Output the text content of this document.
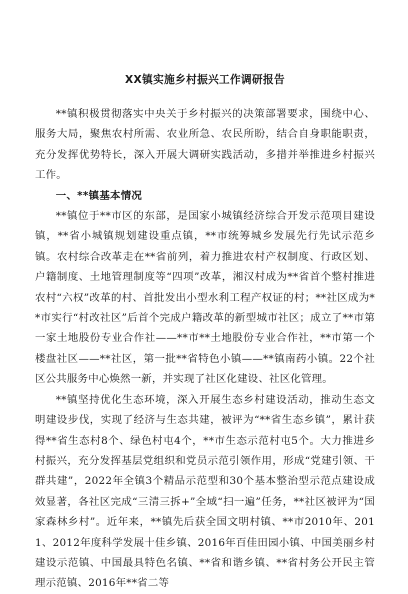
XX镇实施乡村振兴工作调研报告

**镇积极贯彻落实中央关于乡村振兴的决策部署要求，围绕中心、服务大局，聚焦农村所需、农业所急、农民所盼，结合自身职能职责，充分发挥优势特长，深入开展大调研实践活动，多措并举推进乡村振兴工作。

一、**镇基本情况

**镇位于**市区的东部，是国家小城镇经济综合开发示范项目建设镇，**省小城镇规划建设重点镇，**市统筹城乡发展先行先试示范乡镇。农村综合改革走在**省前列，着力推进农村产权制度、行政区划、户籍制度、土地管理制度等“四项”改革，湘汉村成为**省首个整村推进农村“六权”改革的村、首批发出小型水利工程产权证的村；**社区成为**市实行“村改社区”后首个完成户籍改革的新型城市社区；成立了**市第一家土地股份专业合作社——**市**土地股份专业合作社，**市第一个楼盘社区——**社区，第一批**省特色小镇——**镇南药小镇。22个社区公共服务中心焕然一新，并实现了社区化建设、社区化管理。

**镇坚持优化生态环境，深入开展生态乡村建设活动，推动生态文明建设步伐，实现了经济与生态共建，被评为“**省生态乡镇”，累计获得**省生态村8个、绿色村屯4个，**市生态示范村屯5个。大力推进乡村振兴，充分发挥基层党组织和党员示范引领作用，形成“党建引领、干群共建”，2022年全镇3个精品示范型和30个基本整治型示范点建设成效显著，各社区完成“三清三拆+”全域“扫一遍”任务，**社区被评为“国家森林乡村”。近年来，**镇先后获全国文明村镇、**市2010年、2011、2012年度科学发展十佳乡镇、2016年百佳田园小镇、中国美丽乡村建设示范镇、中国最具特色名镇、**省和谐乡镇、**省村务公开民主管理示范镇、2016年**省二等
